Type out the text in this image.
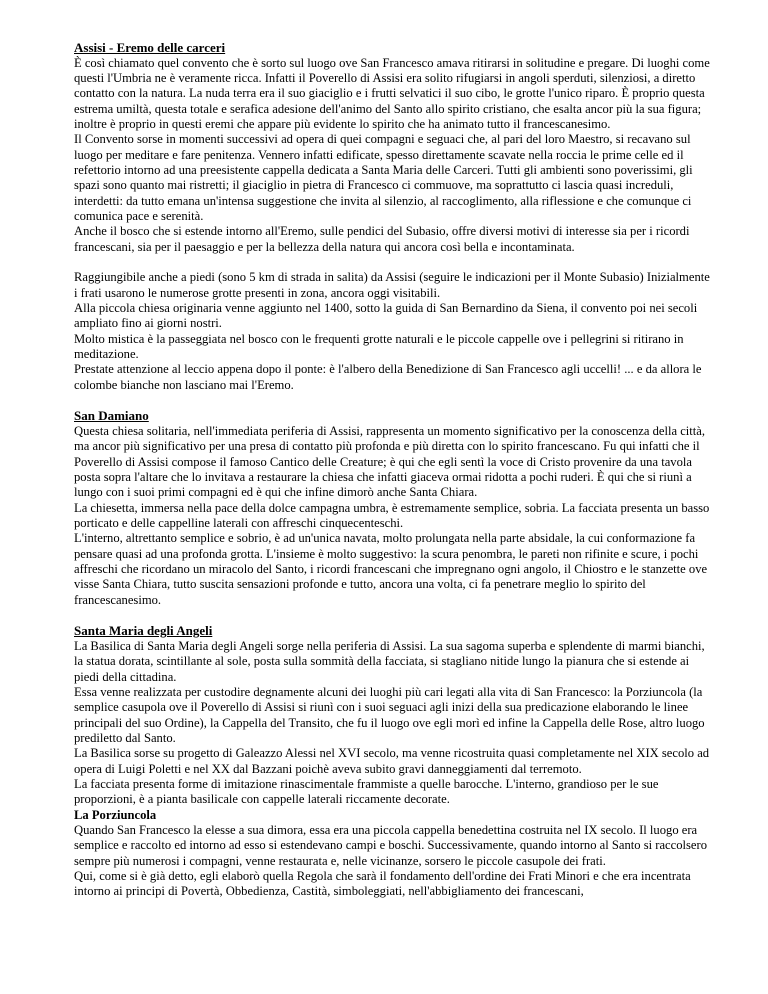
Assisi - Eremo delle carceri

È così chiamato quel convento che è sorto sul luogo ove San Francesco amava ritirarsi in solitudine e pregare. Di luoghi come questi l'Umbria ne è veramente ricca. Infatti il Poverello di Assisi era solito rifugiarsi in angoli sperduti, silenziosi, a diretto contatto con la natura. La nuda terra era il suo giaciglio e i frutti selvatici il suo cibo, le grotte l'unico riparo. È proprio questa estrema umiltà, questa totale e serafica adesione dell'animo del Santo allo spirito cristiano, che esalta ancor più la sua figura; inoltre è proprio in questi eremi che appare più evidente lo spirito che ha animato tutto il francescanesimo.

Il Convento sorse in momenti successivi ad opera di quei compagni e seguaci che, al pari del loro Maestro, si recavano sul luogo per meditare e fare penitenza. Vennero infatti edificate, spesso direttamente scavate nella roccia le prime celle ed il refettorio intorno ad una preesistente cappella dedicata a Santa Maria delle Carceri. Tutti gli ambienti sono poverissimi, gli spazi sono quanto mai ristretti; il giaciglio in pietra di Francesco ci commuove, ma soprattutto ci lascia quasi increduli, interdetti: da tutto emana un'intensa suggestione che invita al silenzio, al raccoglimento, alla riflessione e che comunque ci comunica pace e serenità.

Anche il bosco che si estende intorno all'Eremo, sulle pendici del Subasio, offre diversi motivi di interesse sia per i ricordi francescani, sia per il paesaggio e per la bellezza della natura qui ancora così bella e incontaminata.

Raggiungibile anche a piedi (sono 5 km di strada in salita) da Assisi (seguire le indicazioni per il Monte Subasio) Inizialmente i frati usarono le numerose grotte presenti in zona, ancora oggi visitabili.

Alla piccola chiesa originaria venne aggiunto nel 1400, sotto la guida di San Bernardino da Siena, il convento poi nei secoli ampliato fino ai giorni nostri.

Molto mistica è la passeggiata nel bosco con le frequenti grotte naturali e le piccole cappelle ove i pellegrini si ritirano in meditazione.

Prestate attenzione al leccio appena dopo il ponte: è l'albero della Benedizione di San Francesco agli uccelli! ... e da allora le colombe bianche non lasciano mai l'Eremo.

San Damiano

Questa chiesa solitaria, nell'immediata periferia di Assisi, rappresenta un momento significativo per la conoscenza della città, ma ancor più significativo per una presa di contatto più profonda e più diretta con lo spirito francescano. Fu qui infatti che il Poverello di Assisi compose il famoso Cantico delle Creature; è qui che egli sentì la voce di Cristo provenire da una tavola posta sopra l'altare che lo invitava a restaurare la chiesa che infatti giaceva ormai ridotta a pochi ruderi. È qui che si riunì a lungo con i suoi primi compagni ed è qui che infine dimorò anche Santa Chiara.

La chiesetta, immersa nella pace della dolce campagna umbra, è estremamente semplice, sobria. La facciata presenta un basso porticato e delle cappelline laterali con affreschi cinquecenteschi.

L'interno, altrettanto semplice e sobrio, è ad un'unica navata, molto prolungata nella parte absidale, la cui conformazione fa pensare quasi ad una profonda grotta. L'insieme è molto suggestivo: la scura penombra, le pareti non rifinite e scure, i pochi affreschi che ricordano un miracolo del Santo, i ricordi francescani che impregnano ogni angolo, il Chiostro e le stanzette ove visse Santa Chiara, tutto suscita sensazioni profonde e tutto, ancora una volta, ci fa penetrare meglio lo spirito del francescanesimo.

Santa Maria degli Angeli

La Basilica di Santa Maria degli Angeli sorge nella periferia di Assisi. La sua sagoma superba e splendente di marmi bianchi, la statua dorata, scintillante al sole, posta sulla sommità della facciata, si stagliano nitide lungo la pianura che si estende ai piedi della cittadina.

Essa venne realizzata per custodire degnamente alcuni dei luoghi più cari legati alla vita di San Francesco: la Porziuncola (la semplice casupola ove il Poverello di Assisi si riunì con i suoi seguaci agli inizi della sua predicazione elaborando le linee principali del suo Ordine), la Cappella del Transito, che fu il luogo ove egli morì ed infine la Cappella delle Rose, altro luogo prediletto dal Santo.

La Basilica sorse su progetto di Galeazzo Alessi nel XVI secolo, ma venne ricostruita quasi completamente nel XIX secolo ad opera di Luigi Poletti e nel XX dal Bazzani poichè aveva subito gravi danneggiamenti dal terremoto.

La facciata presenta forme di imitazione rinascimentale frammiste a quelle barocche. L'interno, grandioso per le sue proporzioni, è a pianta basilicale con cappelle laterali riccamente decorate.

La Porziuncola

Quando San Francesco la elesse a sua dimora, essa era una piccola cappella benedettina costruita nel IX secolo. Il luogo era semplice e raccolto ed intorno ad esso si estendevano campi e boschi. Successivamente, quando intorno al Santo si raccolsero sempre più numerosi i compagni, venne restaurata e, nelle vicinanze, sorsero le piccole casupole dei frati.

Qui, come si è già detto, egli elaborò quella Regola che sarà il fondamento dell'ordine dei Frati Minori e che era incentrata intorno ai principi di Povertà, Obbedienza, Castità, simboleggiati, nell'abbigliamento dei francescani,
